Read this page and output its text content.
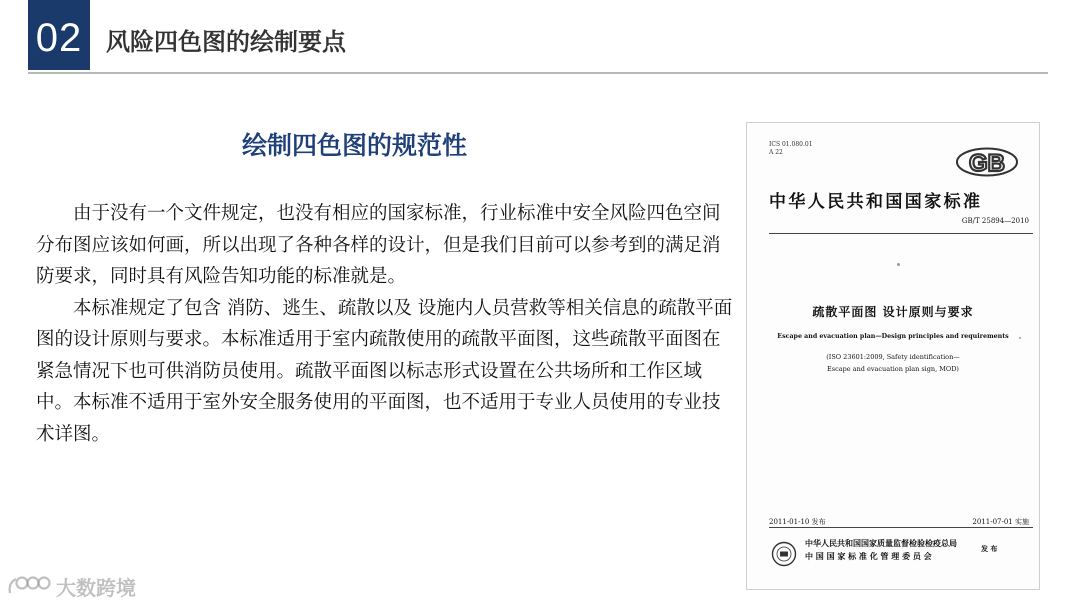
02 风险四色图的绘制要点
绘制四色图的规范性

由于没有一个文件规定，也没有相应的国家标准，行业标准中安全风险四色空间分布图应该如何画，所以出现了各种各样的设计，但是我们目前可以参考到的满足消防要求，同时具有风险告知功能的标准就是。

本标准规定了包含 消防、逃生、疏散以及 设施内人员营救等相关信息的疏散平面图的设计原则与要求。本标准适用于室内疏散使用的疏散平面图，这些疏散平面图在紧急情况下也可供消防员使用。疏散平面图以标志形式设置在公共场所和工作区域中。本标准不适用于室外安全服务使用的平面图，也不适用于专业人员使用的专业技术详图。

ICS 01.080.01
A 22	GB
中华人民共和国国家标准
GB/T 25894—2010
疏散平面图 设计原则与要求
Escape and evacuation plan—Design principles and requirements
(ISO 23601:2009, Safety identification—
Escape and evacuation plan sign, MOD)
2011-01-10 发布	2011-07-01 实施
中华人民共和国国家质量监督检验检疫总局
中 国 国 家 标 准 化 管 理 委 员 会
发 布
大数跨境
